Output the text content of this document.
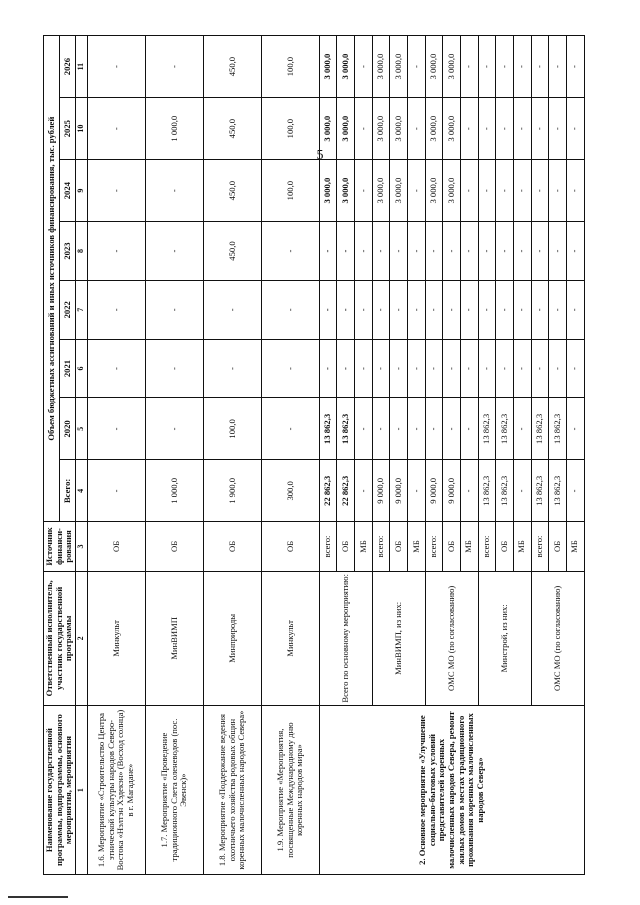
5
Наименование государственной программы, подпрограммы, основного мероприятия, мероприятия	Ответственный исполнитель, участник государственной программы	Источник финанси-рования	Объем бюджетных ассигнований и иных источников финансирования, тыс. рублей							
			Всего:	2020	2021	2022	2023	2024	2025	2026
1	2	3	4	5	6	7	8	9	10	11
1.6. Мероприятие «Строительство Центра этнической культуры народов Северо-Востока «Нэлтэн Хэдекэн» (Восход солнца) в г. Магадане»	Минкульт	ОБ	-	-	-	-	-	-	-	-
1.7. Мероприятие «Проведение традиционного Слета оленеводов (пос. Эвенск)»	МинВИМП	ОБ	1 000,0	-	-	-	-	-	1 000,0	-
1.8. Мероприятие «Поддержание ведения охотничьего хозяйства родовых общин коренных малочисленных народов Севера»	Минприроды	ОБ	1 900,0	100,0	-	-	450,0	450,0	450,0	450,0
1.9. Мероприятие «Мероприятия, посвященные Международному дню коренных народов мира»	Минкульт	ОБ	300,0	-	-	-	-	100,0	100,0	100,0
2. Основное мероприятие «Улучшение социально-бытовых условий представителей коренных малочисленных народов Севера, ремонт жилых домов в местах традиционного проживания коренных малочисленных народов Севера»	Всего по основному мероприятию:	всего:	22 862,3	13 862,3	-	-	-	3 000,0	3 000,0	3 000,0
		ОБ	22 862,3	13 862,3	-	-	-	3 000,0	3 000,0	3 000,0
		МБ	-	-	-	-	-	-	-	-
	МинВИМП, из них:	всего:	9 000,0	-	-	-	-	3 000,0	3 000,0	3 000,0
		ОБ	9 000,0	-	-	-	-	3 000,0	3 000,0	3 000,0
		МБ	-	-	-	-	-	-	-	-
	ОМС МО (по согласованию)	всего:	9 000,0	-	-	-	-	3 000,0	3 000,0	3 000,0
		ОБ	9 000,0	-	-	-	-	3 000,0	3 000,0	3 000,0
		МБ	-	-	-	-	-	-	-	-
	Минстрой, из них:	всего:	13 862,3	13 862,3	-	-	-	-	-	-
		ОБ	13 862,3	13 862,3	-	-	-	-	-	-
		МБ	-	-	-	-	-	-	-	-
	ОМС МО (по согласованию)	всего:	13 862,3	13 862,3	-	-	-	-	-	-
		ОБ	13 862,3	13 862,3	-	-	-	-	-	-
		МБ	-	-	-	-	-	-	-	-
